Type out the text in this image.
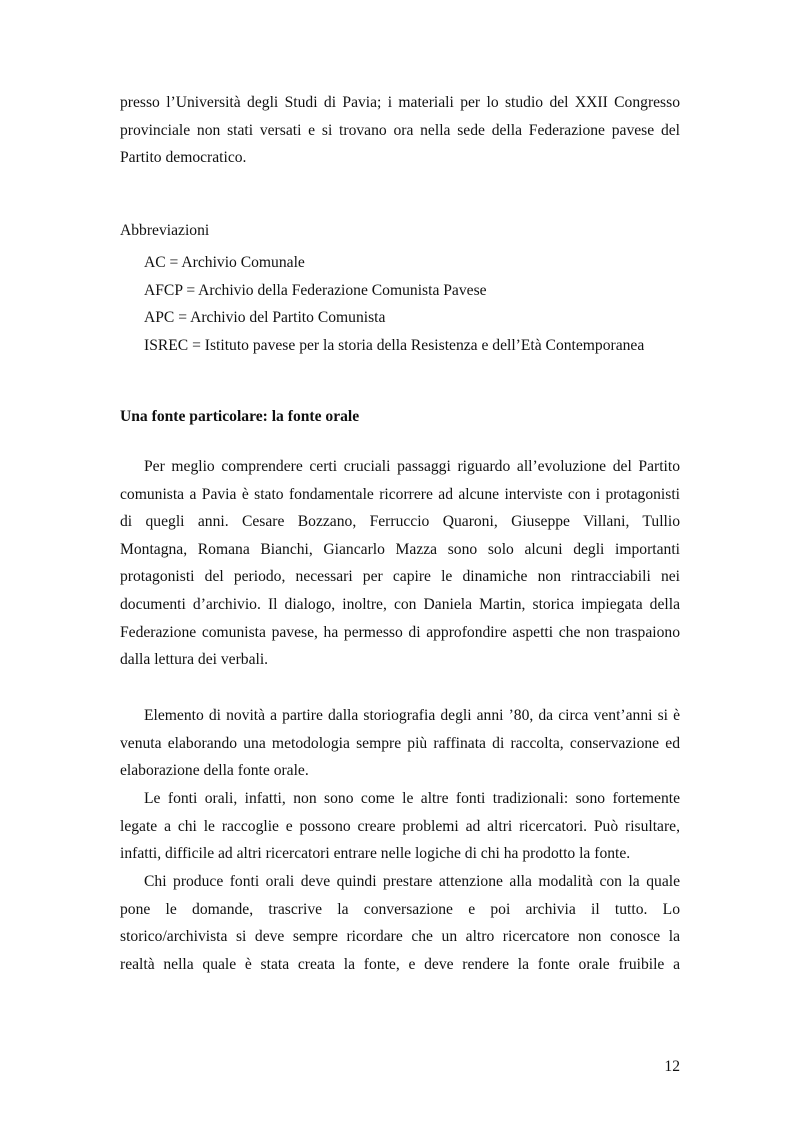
presso l’Università degli Studi di Pavia; i materiali per lo studio del XXII Congresso
provinciale non stati versati e si trovano ora nella sede della Federazione pavese del
Partito democratico.

Abbreviazioni

AC = Archivio Comunale
AFCP = Archivio della Federazione Comunista Pavese
APC = Archivio del Partito Comunista
ISREC = Istituto pavese per la storia della Resistenza e dell’Età Contemporanea

Una fonte particolare: la fonte orale

Per meglio comprendere certi cruciali passaggi riguardo all’evoluzione del Partito
comunista a Pavia è stato fondamentale ricorrere ad alcune interviste con i protagonisti
di quegli anni. Cesare Bozzano, Ferruccio Quaroni, Giuseppe Villani, Tullio
Montagna, Romana Bianchi, Giancarlo Mazza sono solo alcuni degli importanti
protagonisti del periodo, necessari per capire le dinamiche non rintracciabili nei
documenti d’archivio. Il dialogo, inoltre, con Daniela Martin, storica impiegata della
Federazione comunista pavese, ha permesso di approfondire aspetti che non traspaiono
dalla lettura dei verbali.

Elemento di novità a partire dalla storiografia degli anni ’80, da circa vent’anni si è
venuta elaborando una metodologia sempre più raffinata di raccolta, conservazione ed
elaborazione della fonte orale.

Le fonti orali, infatti, non sono come le altre fonti tradizionali: sono fortemente
legate a chi le raccoglie e possono creare problemi ad altri ricercatori. Può risultare,
infatti, difficile ad altri ricercatori entrare nelle logiche di chi ha prodotto la fonte.

Chi produce fonti orali deve quindi prestare attenzione alla modalità con la quale
pone le domande, trascrive la conversazione e poi archivia il tutto. Lo
storico/archivista si deve sempre ricordare che un altro ricercatore non conosce la
realtà nella quale è stata creata la fonte, e deve rendere la fonte orale fruibile a

12
